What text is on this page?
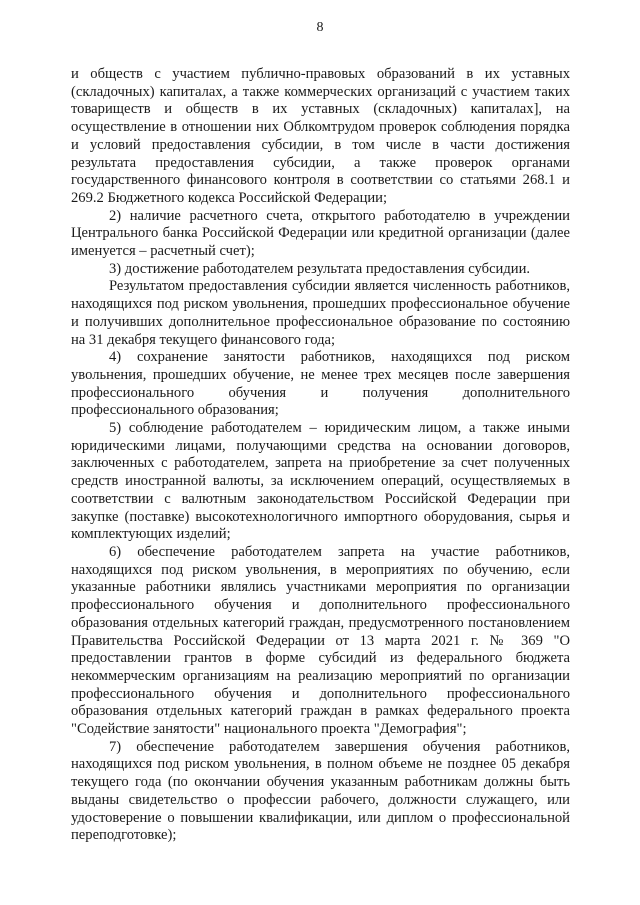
8

и обществ с участием публично-правовых образований в их уставных (складочных) капиталах, а также коммерческих организаций с участием таких товариществ и обществ в их уставных (складочных) капиталах], на осуществление в отношении них Облкомтрудом проверок соблюдения порядка и условий предоставления субсидии, в том числе в части достижения результата предоставления субсидии, а также проверок органами государственного финансового контроля в соответствии со статьями 268.1 и 269.2 Бюджетного кодекса Российской Федерации;

2) наличие расчетного счета, открытого работодателю в учреждении Центрального банка Российской Федерации или кредитной организации (далее именуется – расчетный счет);

3) достижение работодателем результата предоставления субсидии.

Результатом предоставления субсидии является численность работников, находящихся под риском увольнения, прошедших профессиональное обучение и получивших дополнительное профессиональное образование по состоянию на 31 декабря текущего финансового года;

4) сохранение занятости работников, находящихся под риском увольнения, прошедших обучение, не менее трех месяцев после завершения профессионального обучения и получения дополнительного профессионального образования;

5) соблюдение работодателем – юридическим лицом, а также иными юридическими лицами, получающими средства на основании договоров, заключенных с работодателем, запрета на приобретение за счет полученных средств иностранной валюты, за исключением операций, осуществляемых в соответствии с валютным законодательством Российской Федерации при закупке (поставке) высокотехнологичного импортного оборудования, сырья и комплектующих изделий;

6) обеспечение работодателем запрета на участие работников, находящихся под риском увольнения, в мероприятиях по обучению, если указанные работники являлись участниками мероприятия по организации профессионального обучения и дополнительного профессионального образования отдельных категорий граждан, предусмотренного постановлением Правительства Российской Федерации от 13 марта 2021 г. № 369 "О предоставлении грантов в форме субсидий из федерального бюджета некоммерческим организациям на реализацию мероприятий по организации профессионального обучения и дополнительного профессионального образования отдельных категорий граждан в рамках федерального проекта "Содействие занятости" национального проекта "Демография";

7) обеспечение работодателем завершения обучения работников, находящихся под риском увольнения, в полном объеме не позднее 05 декабря текущего года (по окончании обучения указанным работникам должны быть выданы свидетельство о профессии рабочего, должности служащего, или удостоверение о повышении квалификации, или диплом о профессиональной переподготовке);
